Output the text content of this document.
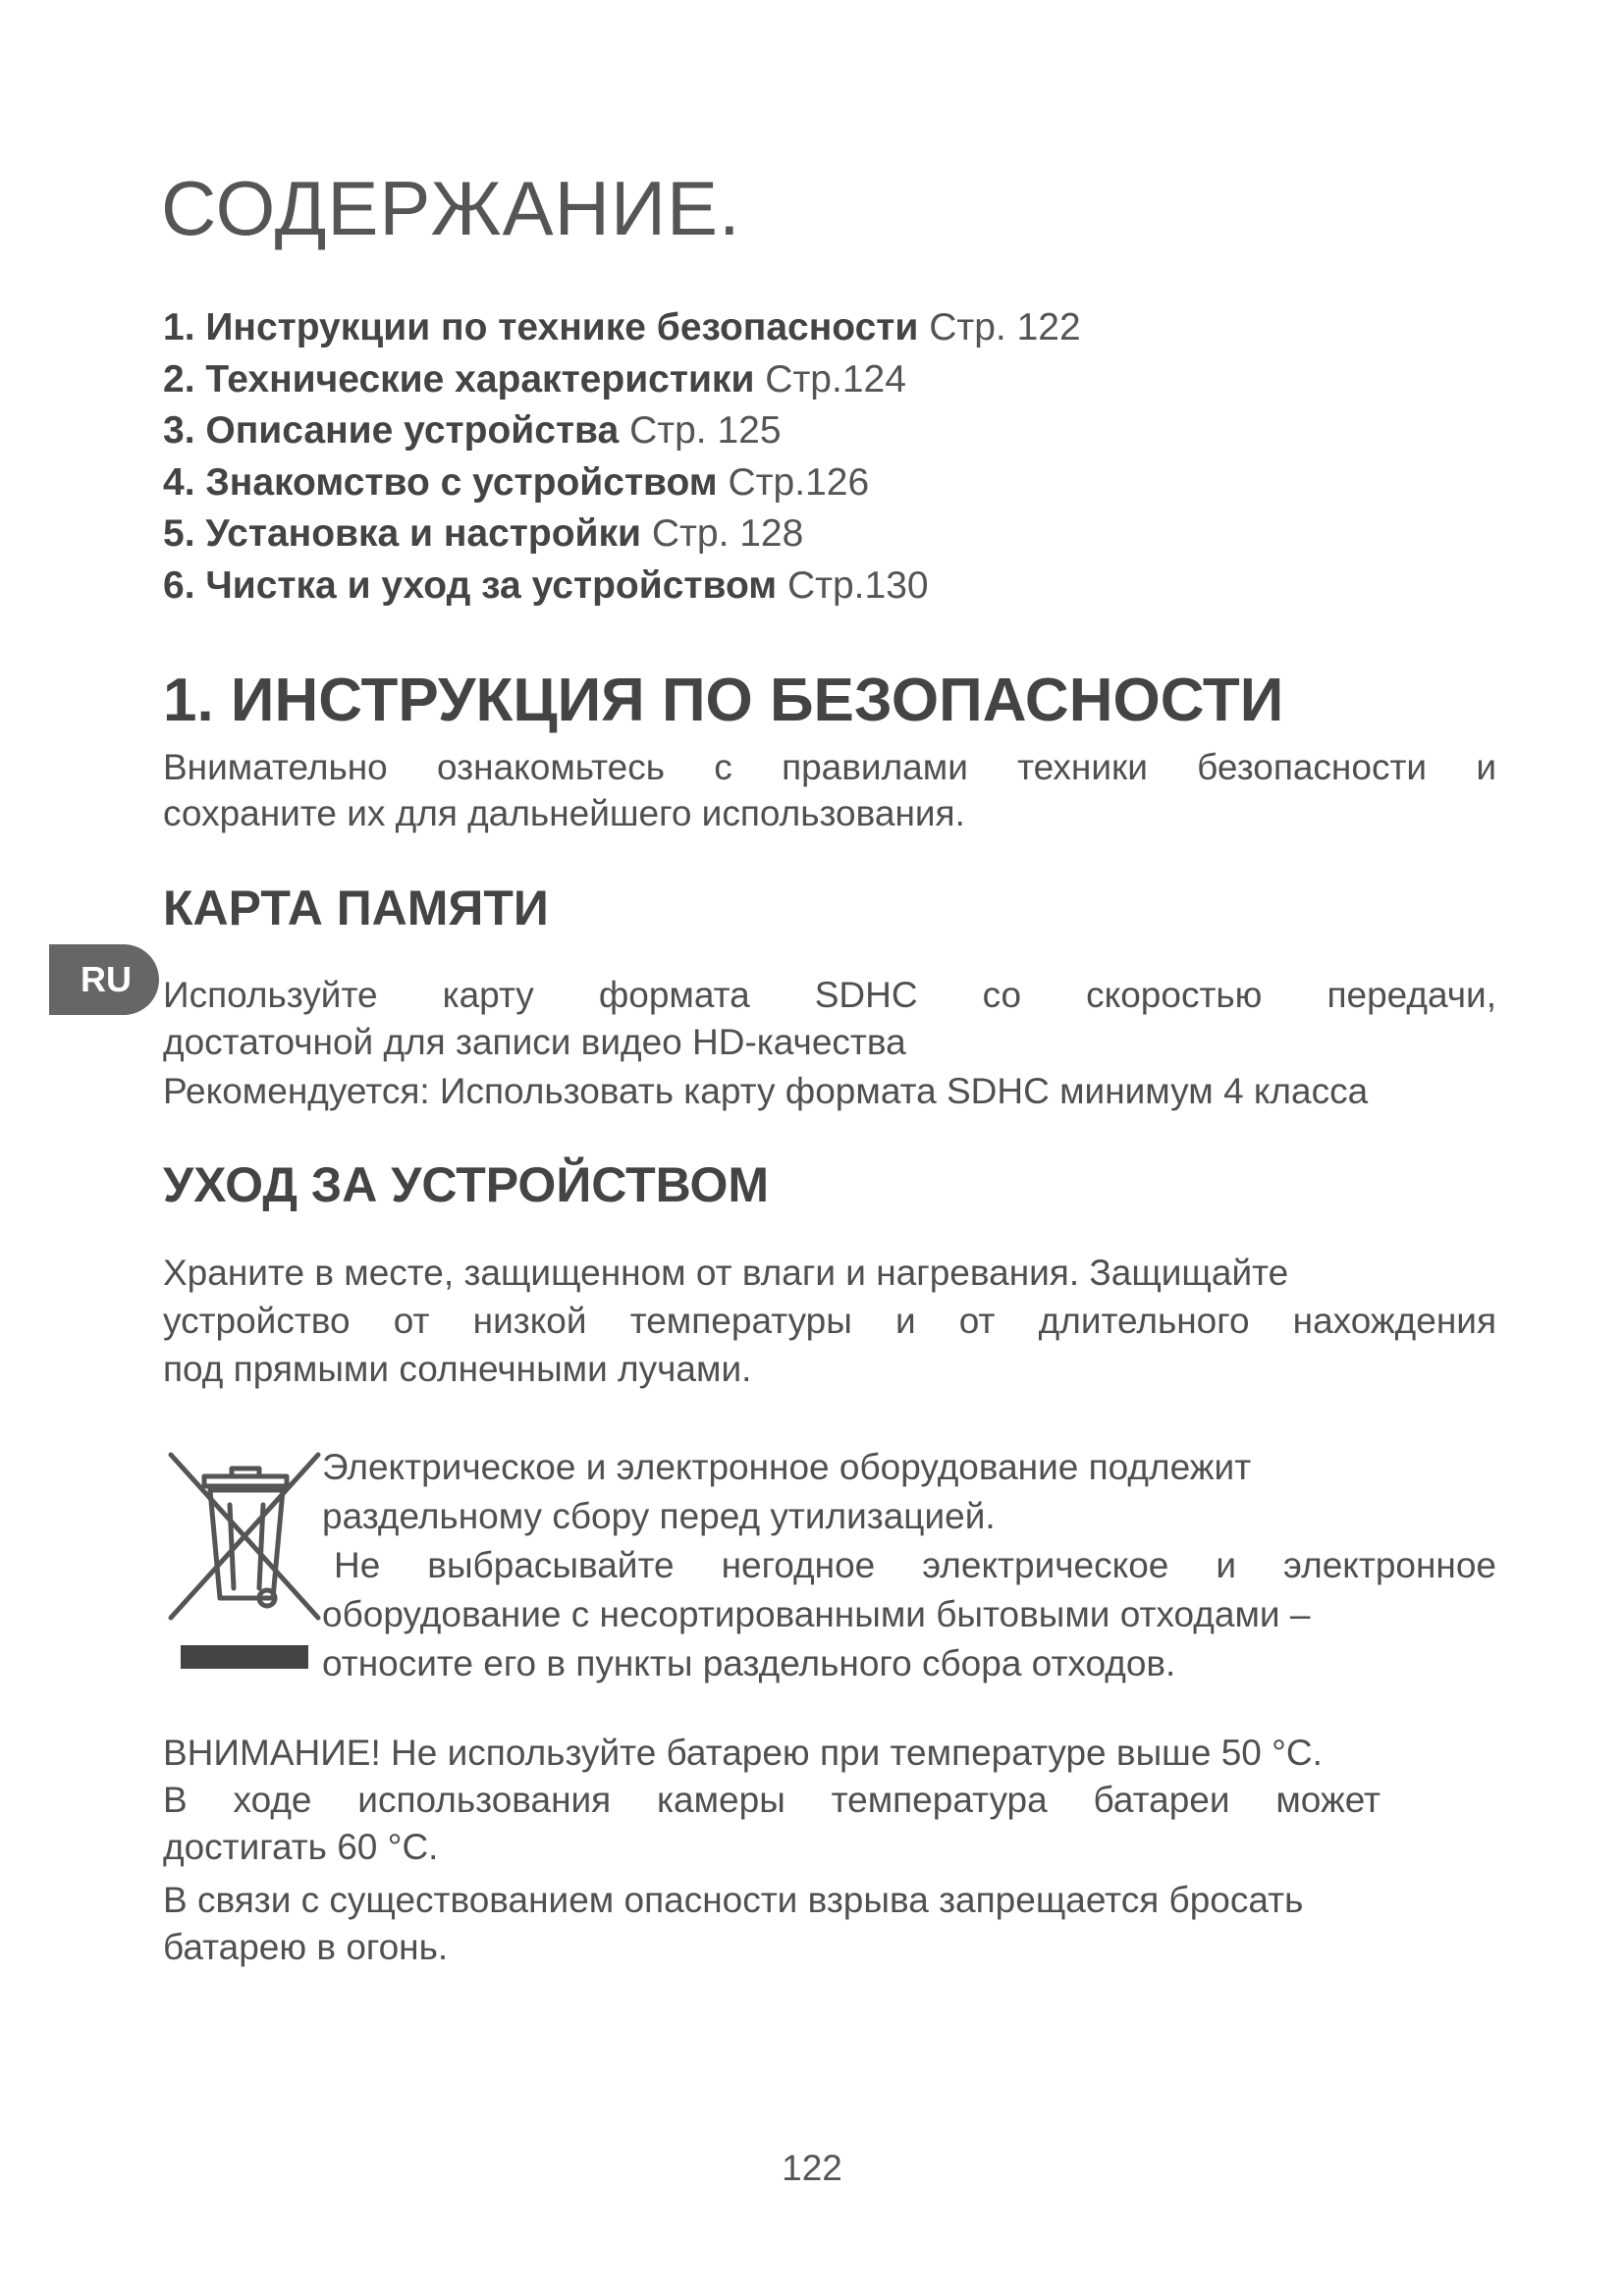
СОДЕРЖАНИЕ.
1. Инструкции по технике безопасности Стр. 122
2. Технические характеристики Стр.124
3. Описание устройства Стр. 125
4. Знакомство с устройством Стр.126
5. Установка и настройки Стр. 128
6. Чистка и уход за устройством Стр.130
1. ИНСТРУКЦИЯ ПО БЕЗОПАСНОСТИ
Внимательно ознакомьтесь с правилами техники безопасности и
сохраните их для дальнейшего использования.
КАРТА ПАМЯТИ
RU Используйте карту формата SDHC со скоростью передачи,
достаточной для записи видео HD-качества
Рекомендуется: Использовать карту формата SDHC минимум 4 класса
УХОД ЗА УСТРОЙСТВОМ
Храните в месте, защищенном от влаги и нагревания. Защищайте
устройство от низкой температуры и от длительного нахождения
под прямыми солнечными лучами.
Электрическое и электронное оборудование подлежит
раздельному сбору перед утилизацией.
Не выбрасывайте негодное электрическое и электронное
оборудование с несортированными бытовыми отходами –
относите его в пункты раздельного сбора отходов.
ВНИМАНИЕ! Не используйте батарею при температуре выше 50 °С.
В ходе использования камеры температура батареи может
достигать 60 °С.
В связи с существованием опасности взрыва запрещается бросать
батарею в огонь.
122
